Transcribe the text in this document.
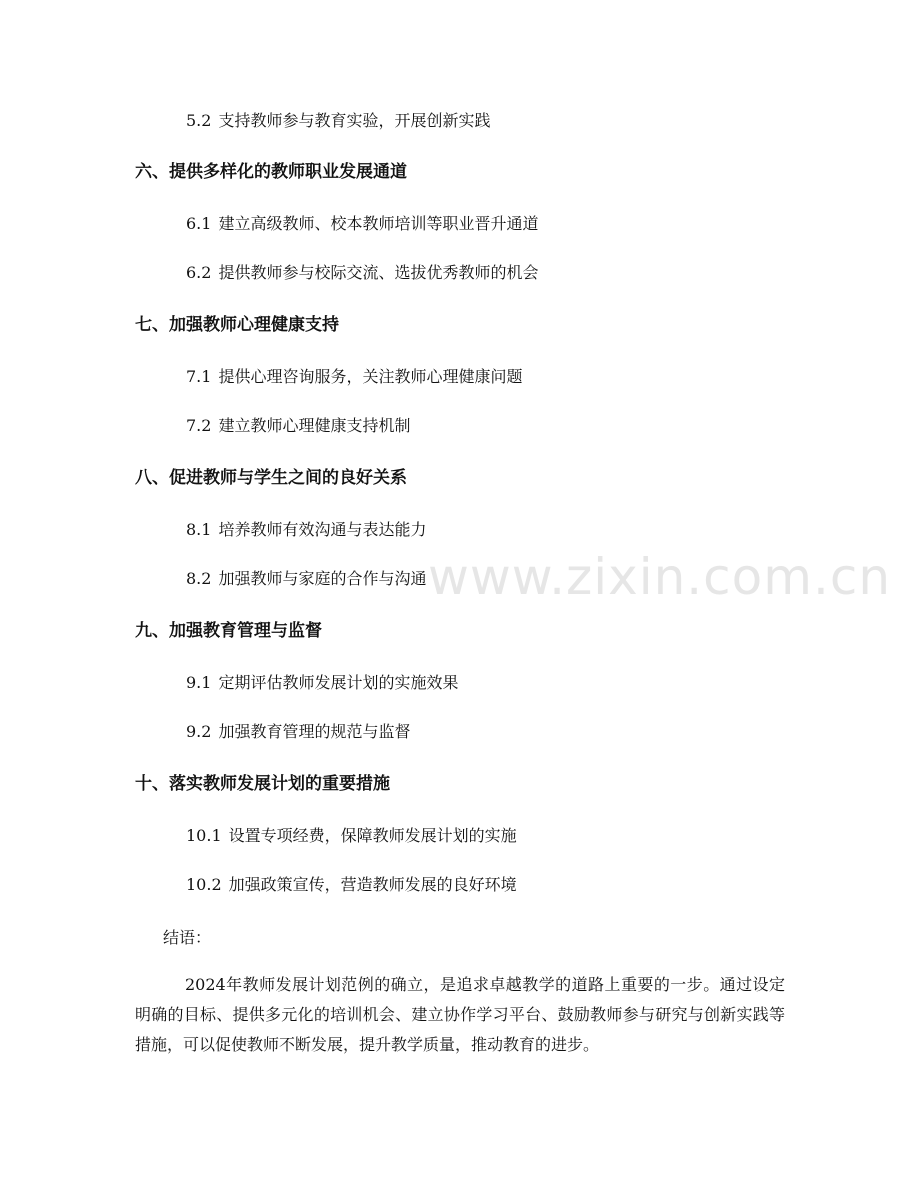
5.2 支持教师参与教育实验，开展创新实践
六、提供多样化的教师职业发展通道
6.1 建立高级教师、校本教师培训等职业晋升通道
6.2 提供教师参与校际交流、选拔优秀教师的机会
七、加强教师心理健康支持
7.1 提供心理咨询服务，关注教师心理健康问题
7.2 建立教师心理健康支持机制
八、促进教师与学生之间的良好关系
8.1 培养教师有效沟通与表达能力
8.2 加强教师与家庭的合作与沟通
九、加强教育管理与监督
9.1 定期评估教师发展计划的实施效果
9.2 加强教育管理的规范与监督
十、落实教师发展计划的重要措施
10.1 设置专项经费，保障教师发展计划的实施
10.2 加强政策宣传，营造教师发展的良好环境
结语：
2024年教师发展计划范例的确立，是追求卓越教学的道路上重要的一步。通过设定明确的目标、提供多元化的培训机会、建立协作学习平台、鼓励教师参与研究与创新实践等措施，可以促使教师不断发展，提升教学质量，推动教育的进步。
www.zixin.com.cn
